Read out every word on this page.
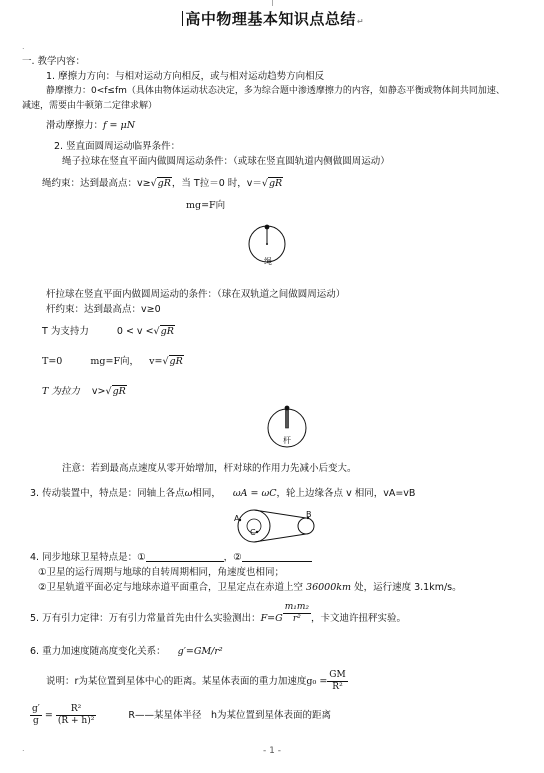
.
高中物理基本知识点总结↵
一. 教学内容：
1. 摩擦力方向：与相对运动方向相反，或与相对运动趋势方向相反
静摩擦力：0<f≤fm（具体由物体运动状态决定，多为综合题中渗透摩擦力的内容，如静态平衡或物体间共同加速、
减速，需要由牛顿第二定律求解）
滑动摩擦力：f = μN
2. 竖直面圆周运动临界条件：
绳子拉球在竖直平面内做圆周运动条件：（或球在竖直圆轨道内侧做圆周运动）
绳约束：达到最高点：v≥√gR，当 T拉＝0 时，v＝√gR
mg=F向
绳
杆拉球在竖直平面内做圆周运动的条件：（球在双轨道之间做圆周运动）
杆约束：达到最高点：v≥0
T 为支持力	0 < v <√gR
T=0	mg=F向， v=√gR
T 为拉力 v>√gR
杆
注意：若到最高点速度从零开始增加，杆对球的作用力先减小后变大。
3. 传动装置中，特点是：同轴上各点ω相同， ωA = ωC，轮上边缘各点 v 相同，vA=vB
A	B
C
4. 同步地球卫星特点是：①	，②
①卫星的运行周期与地球的自转周期相同，角速度也相同；
②卫星轨道平面必定与地球赤道平面重合，卫星定点在赤道上空 36000km 处，运行速度 3.1km/s。
5. 万有引力定律：万有引力常量首先由什么实验测出：$F=G \frac{\text{m₁m₂}}{\text{r²}}$ ，卡文迪许扭秤实验。
6. 重力加速度随高度变化关系： g′=GM/r²
说明：r为某位置到星体中心的距离。某星体表面的重力加速度$g_0 = \frac{GM}{\text{R²}}$
$\frac{g'}{g} = \frac{\text{R²}}{\text{(R + h)²}}$	R——某星体半径　h为某位置到星体表面的距离
.	- 1 -
